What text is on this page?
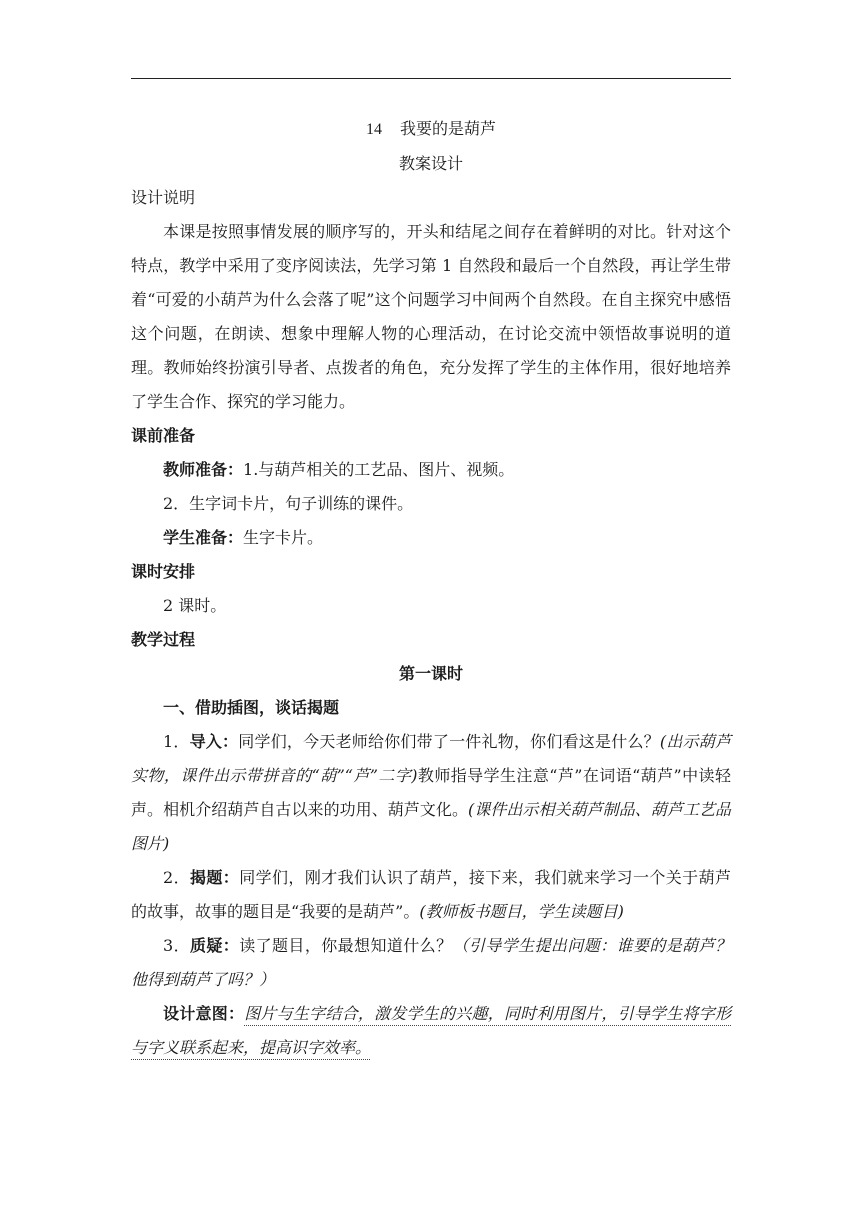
14 我要的是葫芦

教案设计

设计说明

本课是按照事情发展的顺序写的，开头和结尾之间存在着鲜明的对比。针对这个特点，教学中采用了变序阅读法，先学习第 1 自然段和最后一个自然段，再让学生带着“可爱的小葫芦为什么会落了呢”这个问题学习中间两个自然段。在自主探究中感悟这个问题，在朗读、想象中理解人物的心理活动，在讨论交流中领悟故事说明的道理。教师始终扮演引导者、点拨者的角色，充分发挥了学生的主体作用，很好地培养了学生合作、探究的学习能力。

课前准备

教师准备：1.与葫芦相关的工艺品、图片、视频。

2．生字词卡片，句子训练的课件。

学生准备：生字卡片。

课时安排

2 课时。

教学过程

第一课时

一、借助插图，谈话揭题

1．导入：同学们，今天老师给你们带了一件礼物，你们看这是什么？(出示葫芦实物，课件出示带拼音的“葫”“芦”二字)教师指导学生注意“芦”在词语“葫芦”中读轻声。相机介绍葫芦自古以来的功用、葫芦文化。(课件出示相关葫芦制品、葫芦工艺品图片)

2．揭题：同学们，刚才我们认识了葫芦，接下来，我们就来学习一个关于葫芦的故事，故事的题目是“我要的是葫芦”。(教师板书题目，学生读题目)

3．质疑：读了题目，你最想知道什么？（引导学生提出问题：谁要的是葫芦？他得到葫芦了吗？）

设计意图：图片与生字结合，激发学生的兴趣，同时利用图片，引导学生将字形与字义联系起来，提高识字效率。
